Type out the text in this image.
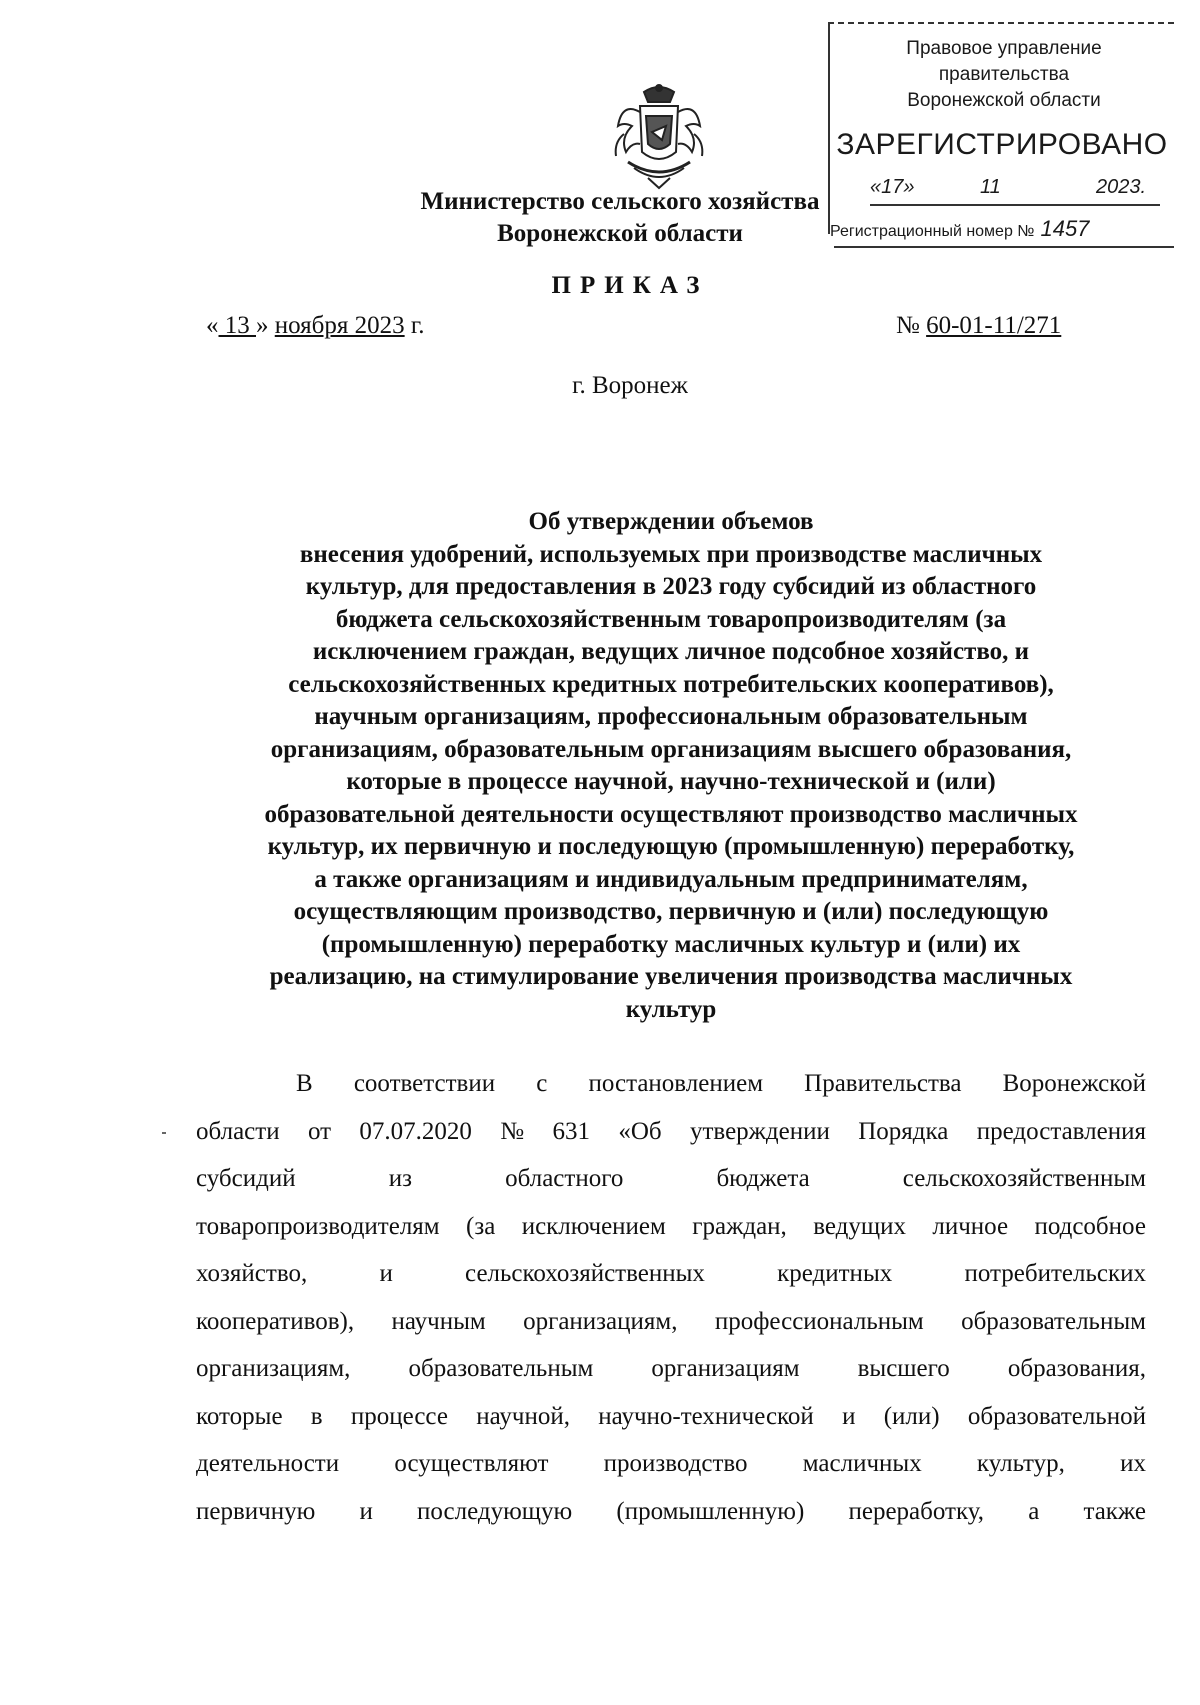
Правовое управление правительства
Воронежской области
ЗАРЕГИСТРИРОВАНО
«17»	11	2023.
Регистрационный номер № 1457
Министерство сельского хозяйства
Воронежской области
ПРИКАЗ
« 13 » ноября 2023 г.	№ 60-01-11/271
г. Воронеж
Об утверждении объемов
внесения удобрений, используемых при производстве масличных
культур, для предоставления в 2023 году субсидий из областного
бюджета сельскохозяйственным товаропроизводителям (за
исключением граждан, ведущих личное подсобное хозяйство, и
сельскохозяйственных кредитных потребительских кооперативов),
научным организациям, профессиональным образовательным
организациям, образовательным организациям высшего образования,
которые в процессе научной, научно-технической и (или)
образовательной деятельности осуществляют производство масличных
культур, их первичную и последующую (промышленную) переработку,
а также организациям и индивидуальным предпринимателям,
осуществляющим производство, первичную и (или) последующую
(промышленную) переработку масличных культур и (или) их
реализацию, на стимулирование увеличения производства масличных
культур
В соответствии с постановлением Правительства Воронежской
области от 07.07.2020 № 631 «Об утверждении Порядка предоставления
субсидий	из	областного	бюджета	сельскохозяйственным
товаропроизводителям (за исключением граждан, ведущих личное подсобное
хозяйство,	и	сельскохозяйственных	кредитных	потребительских
кооперативов), научным организациям, профессиональным образовательным
организациям, образовательным организациям высшего образования,
которые в процессе научной, научно-технической и (или) образовательной
деятельности осуществляют производство масличных культур, их
первичную и последующую (промышленную) переработку, а также
